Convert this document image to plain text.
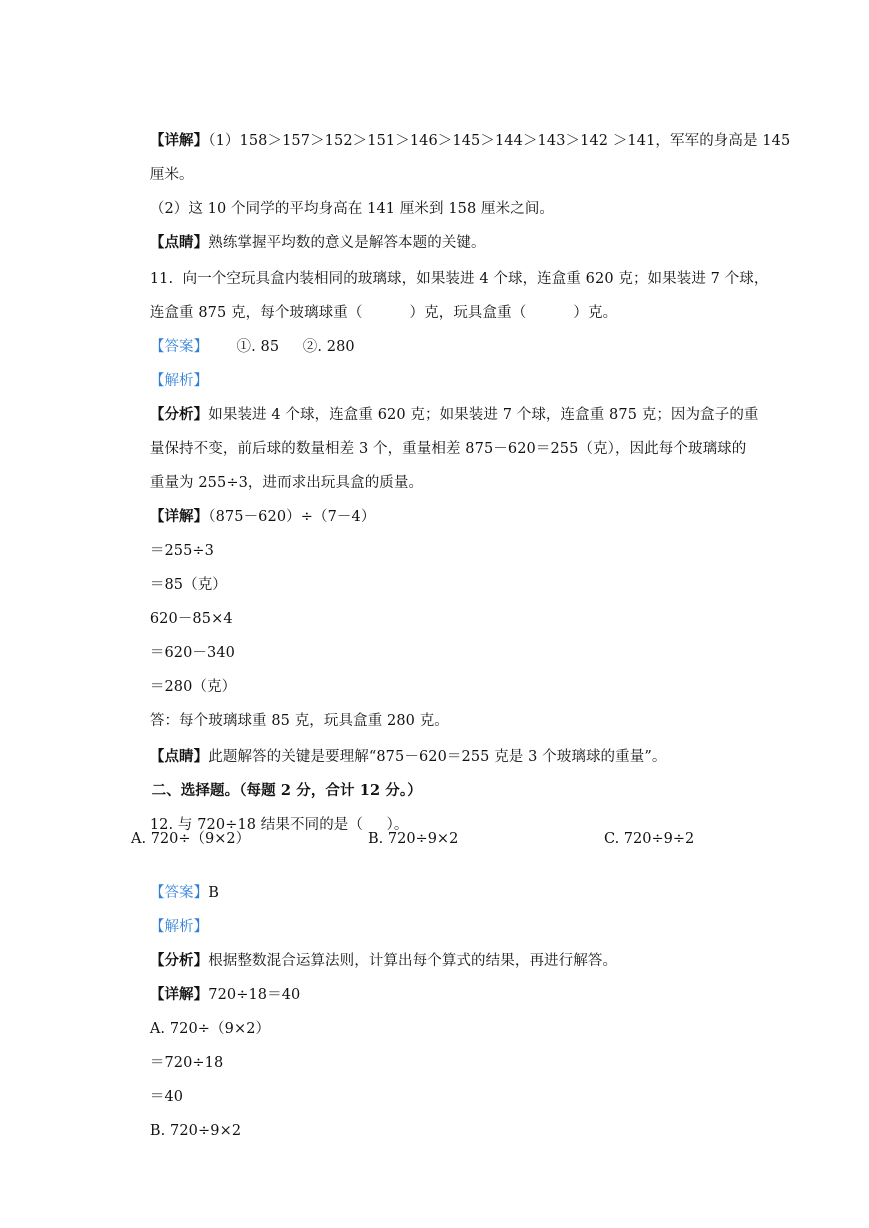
【详解】（1）158＞157＞152＞151＞146＞145＞144＞143＞142 ＞141，军军的身高是 145

厘米。

（2）这 10 个同学的平均身高在 141 厘米到 158 厘米之间。

【点睛】熟练掌握平均数的意义是解答本题的关键。

11.  向一个空玩具盒内装相同的玻璃球，如果装进 4 个球，连盒重 620 克；如果装进 7 个球，

连盒重 875 克，每个玻璃球重（          ）克，玩具盒重（          ）克。

【答案】      ①. 85     ②. 280

【解析】

【分析】如果装进 4 个球，连盒重 620 克；如果装进 7 个球，连盒重 875 克；因为盒子的重

量保持不变，前后球的数量相差 3 个，重量相差 875－620＝255（克），因此每个玻璃球的

重量为 255÷3，进而求出玩具盒的质量。

【详解】（875－620）÷（7－4）

＝255÷3

＝85（克）

620－85×4

＝620－340

＝280（克）

答：每个玻璃球重 85 克，玩具盒重 280 克。

【点睛】此题解答的关键是要理解“875－620＝255 克是 3 个玻璃球的重量”。

二、选择题。（每题 2 分，合计 12 分。）

12. 与 720÷18 结果不同的是（     ）。

A. 720÷（9×2）	B. 720÷9×2	C. 720÷9÷2

【答案】B

【解析】

【分析】根据整数混合运算法则，计算出每个算式的结果，再进行解答。

【详解】720÷18＝40

A. 720÷（9×2）

＝720÷18

＝40

B. 720÷9×2
